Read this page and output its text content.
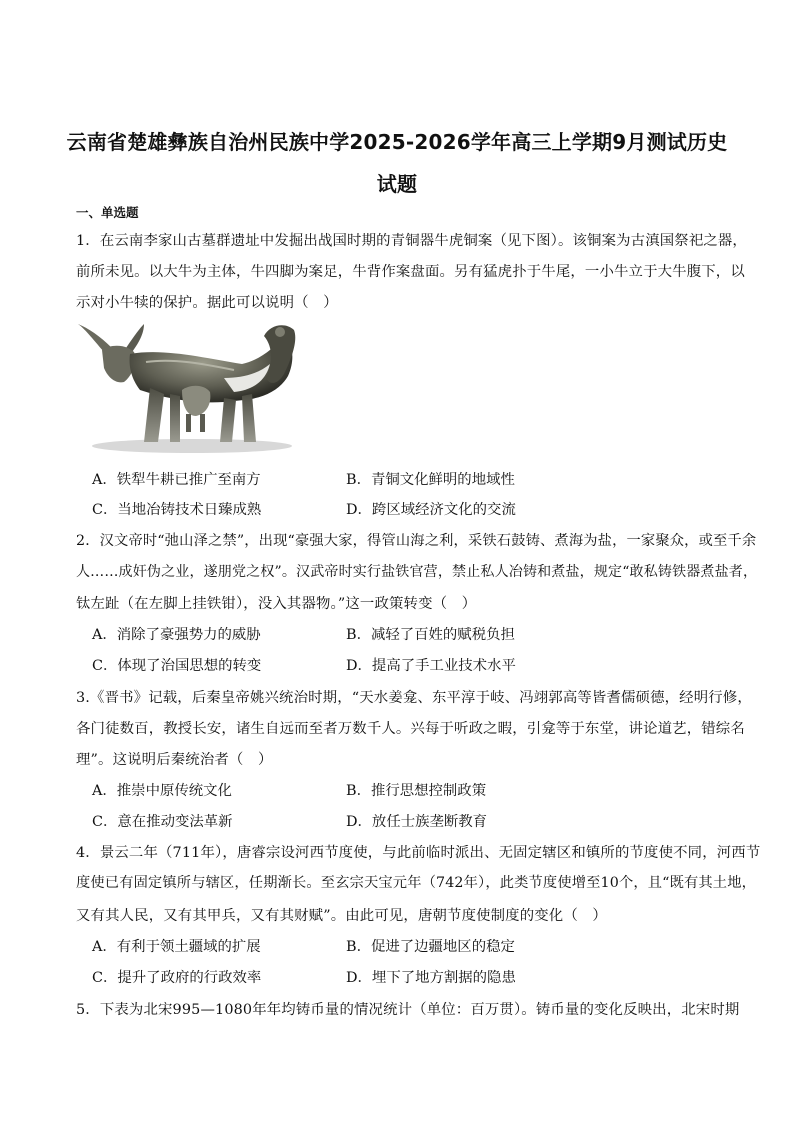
云南省楚雄彝族自治州民族中学2025-2026学年高三上学期9月测试历史
试题
一、单选题
1．在云南李家山古墓群遗址中发掘出战国时期的青铜器牛虎铜案（见下图）。该铜案为古滇国祭祀之器，
前所未见。以大牛为主体，牛四脚为案足，牛背作案盘面。另有猛虎扑于牛尾，一小牛立于大牛腹下，以
示对小牛犊的保护。据此可以说明（　）
A．铁犁牛耕已推广至南方	B．青铜文化鲜明的地域性
C．当地冶铸技术日臻成熟	D．跨区域经济文化的交流
2．汉文帝时“弛山泽之禁”，出现“豪强大家，得管山海之利，采铁石鼓铸、煮海为盐，一家聚众，或至千余
人……成奸伪之业，遂朋党之权”。汉武帝时实行盐铁官营，禁止私人冶铸和煮盐，规定“敢私铸铁器煮盐者，
钛左趾（在左脚上挂铁钳），没入其器物。”这一政策转变（　）
A．消除了豪强势力的威胁	B．减轻了百姓的赋税负担
C．体现了治国思想的转变	D．提高了手工业技术水平
3.《晋书》记载，后秦皇帝姚兴统治时期，“天水姜龛、东平淳于岐、冯翊郭高等皆耆儒硕德，经明行修，
各门徒数百，教授长安，诸生自远而至者万数千人。兴每于听政之暇，引龛等于东堂，讲论道艺，错综名
理”。这说明后秦统治者（　）
A．推崇中原传统文化	B．推行思想控制政策
C．意在推动变法革新	D．放任士族垄断教育
4．景云二年（711年），唐睿宗设河西节度使，与此前临时派出、无固定辖区和镇所的节度使不同，河西节
度使已有固定镇所与辖区，任期渐长。至玄宗天宝元年（742年），此类节度使增至10个，且“既有其土地，
又有其人民，又有其甲兵，又有其财赋”。由此可见，唐朝节度使制度的变化（　）
A．有利于领土疆域的扩展	B．促进了边疆地区的稳定
C．提升了政府的行政效率	D．埋下了地方割据的隐患
5．下表为北宋995—1080年年均铸币量的情况统计（单位：百万贯）。铸币量的变化反映出，北宋时期
